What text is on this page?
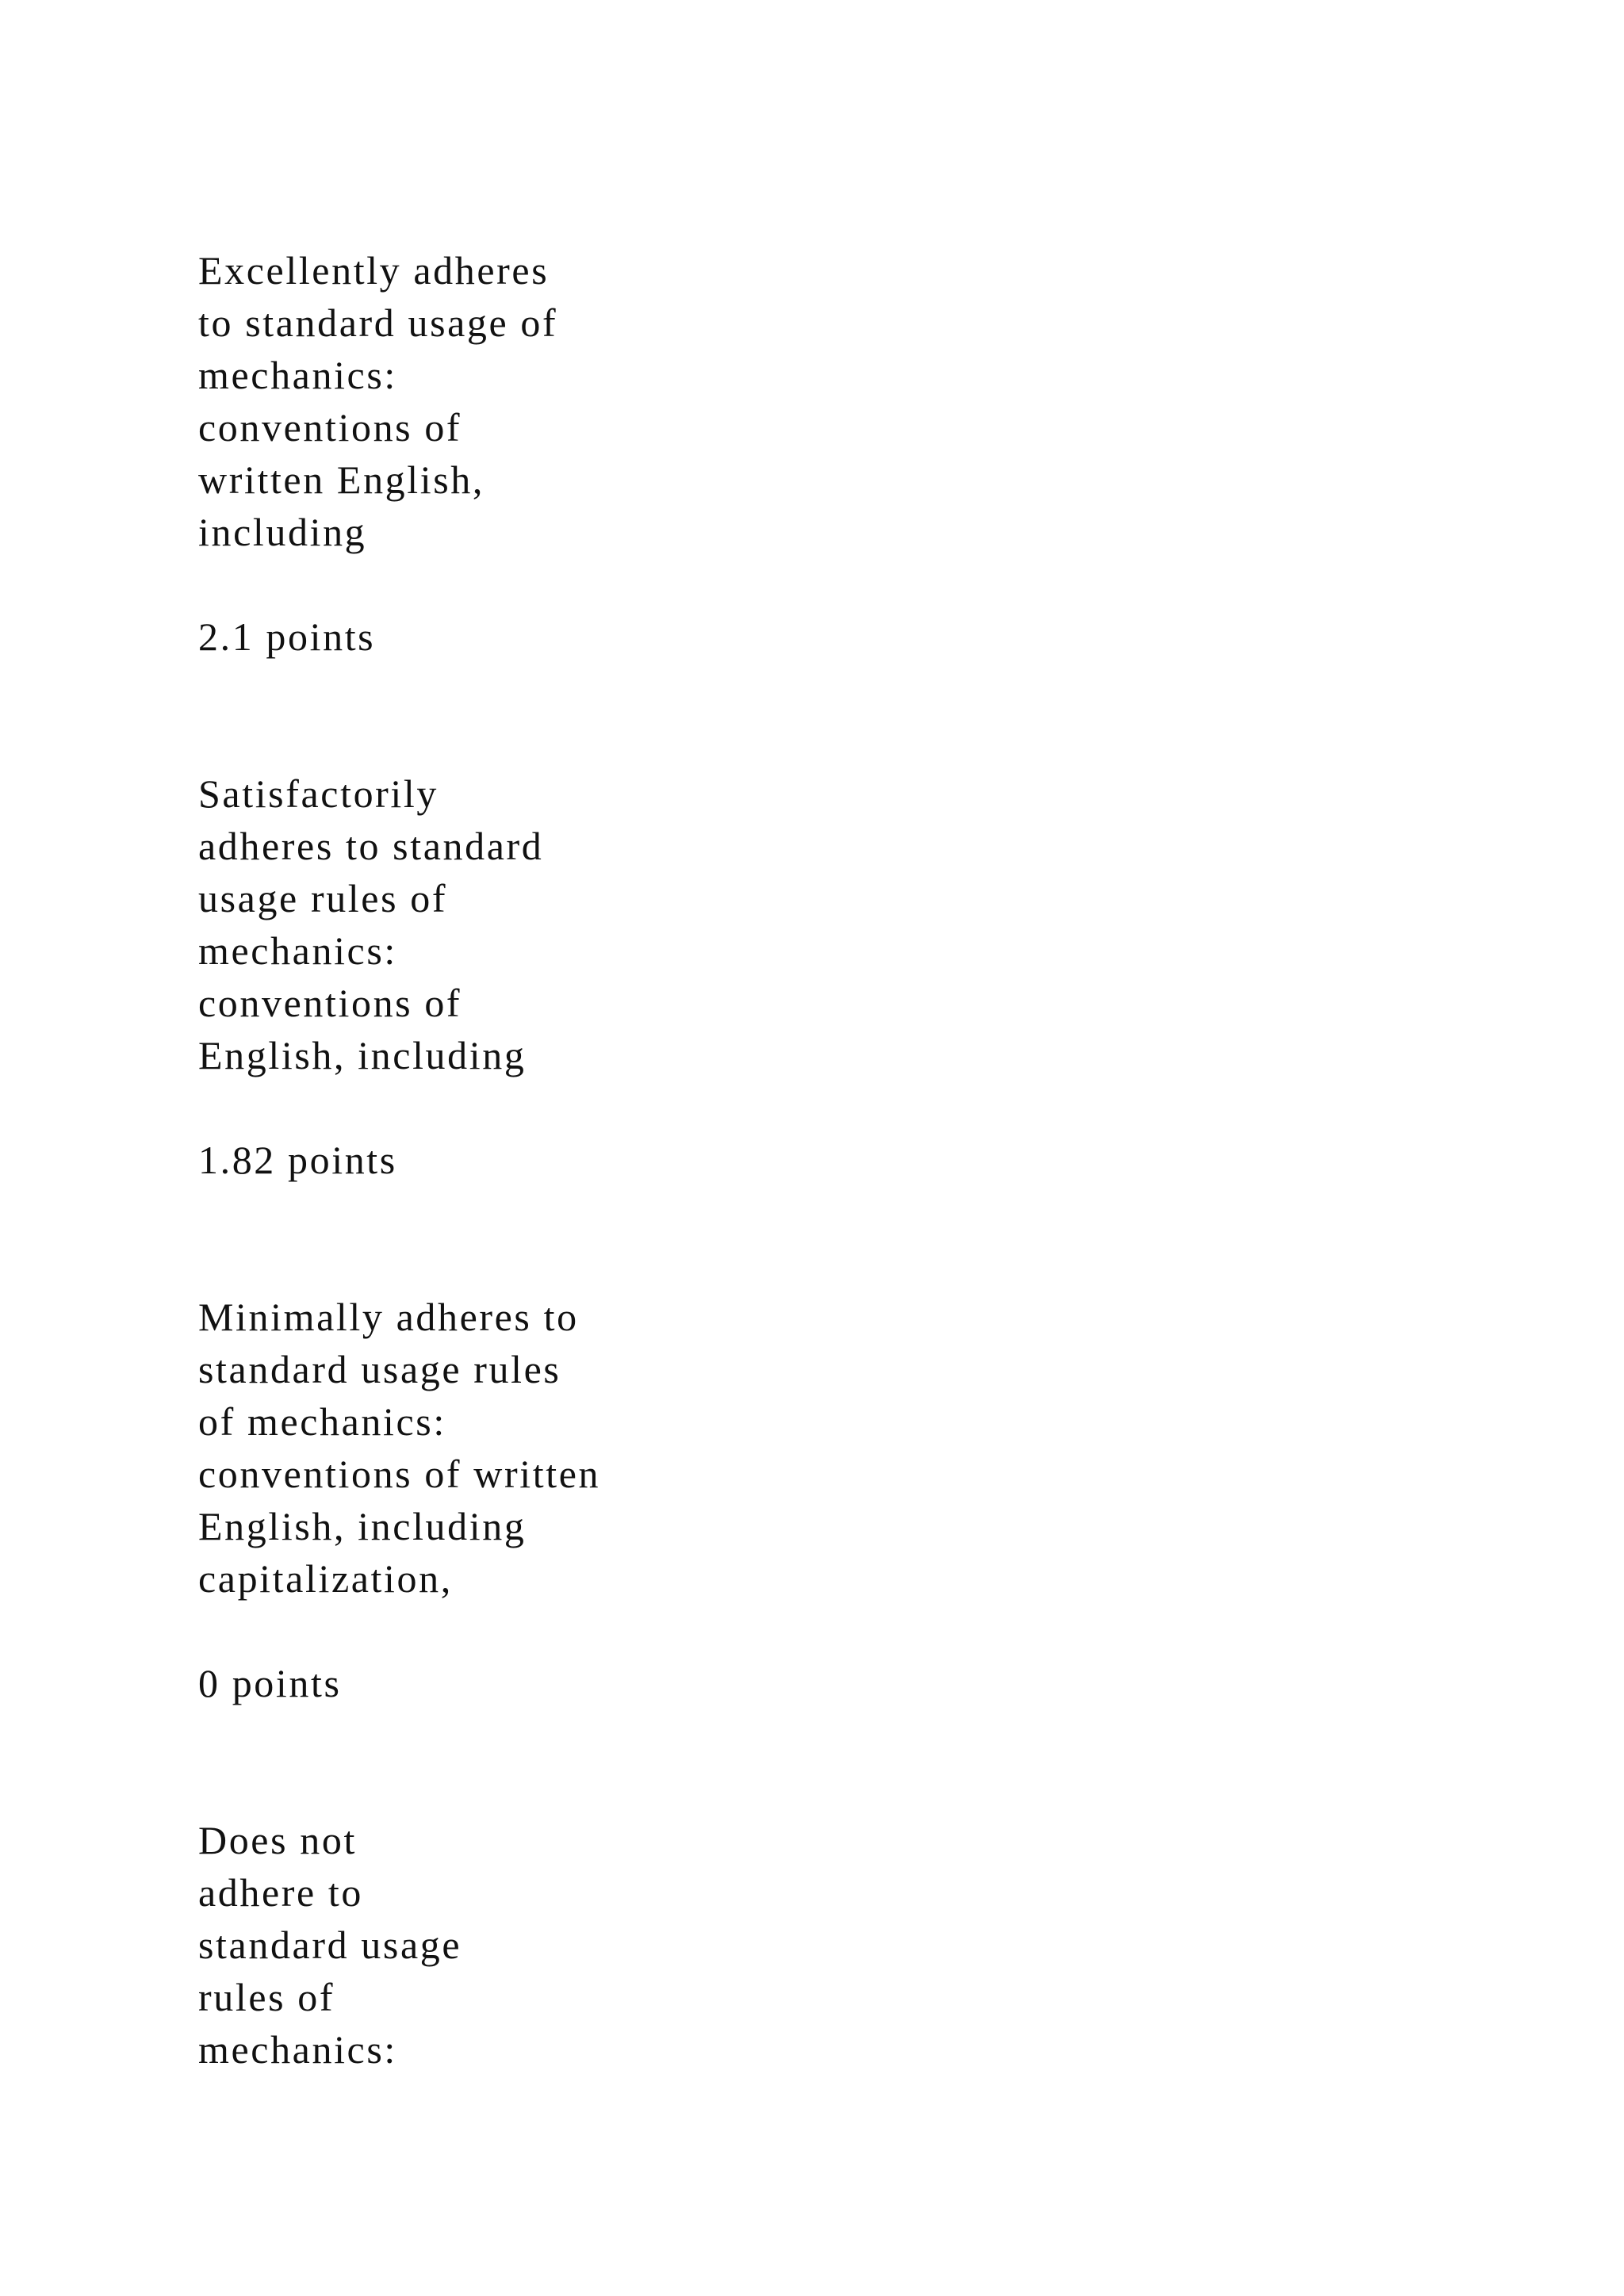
Excellently adheres
to standard usage of
mechanics:
conventions of
written English,
including
2.1 points
Satisfactorily
adheres to standard
usage rules of
mechanics:
conventions of
English, including
1.82 points
Minimally adheres to
standard usage rules
of mechanics:
conventions of written
English, including
capitalization,
0 points
Does not
adhere to
standard usage
rules of
mechanics:
